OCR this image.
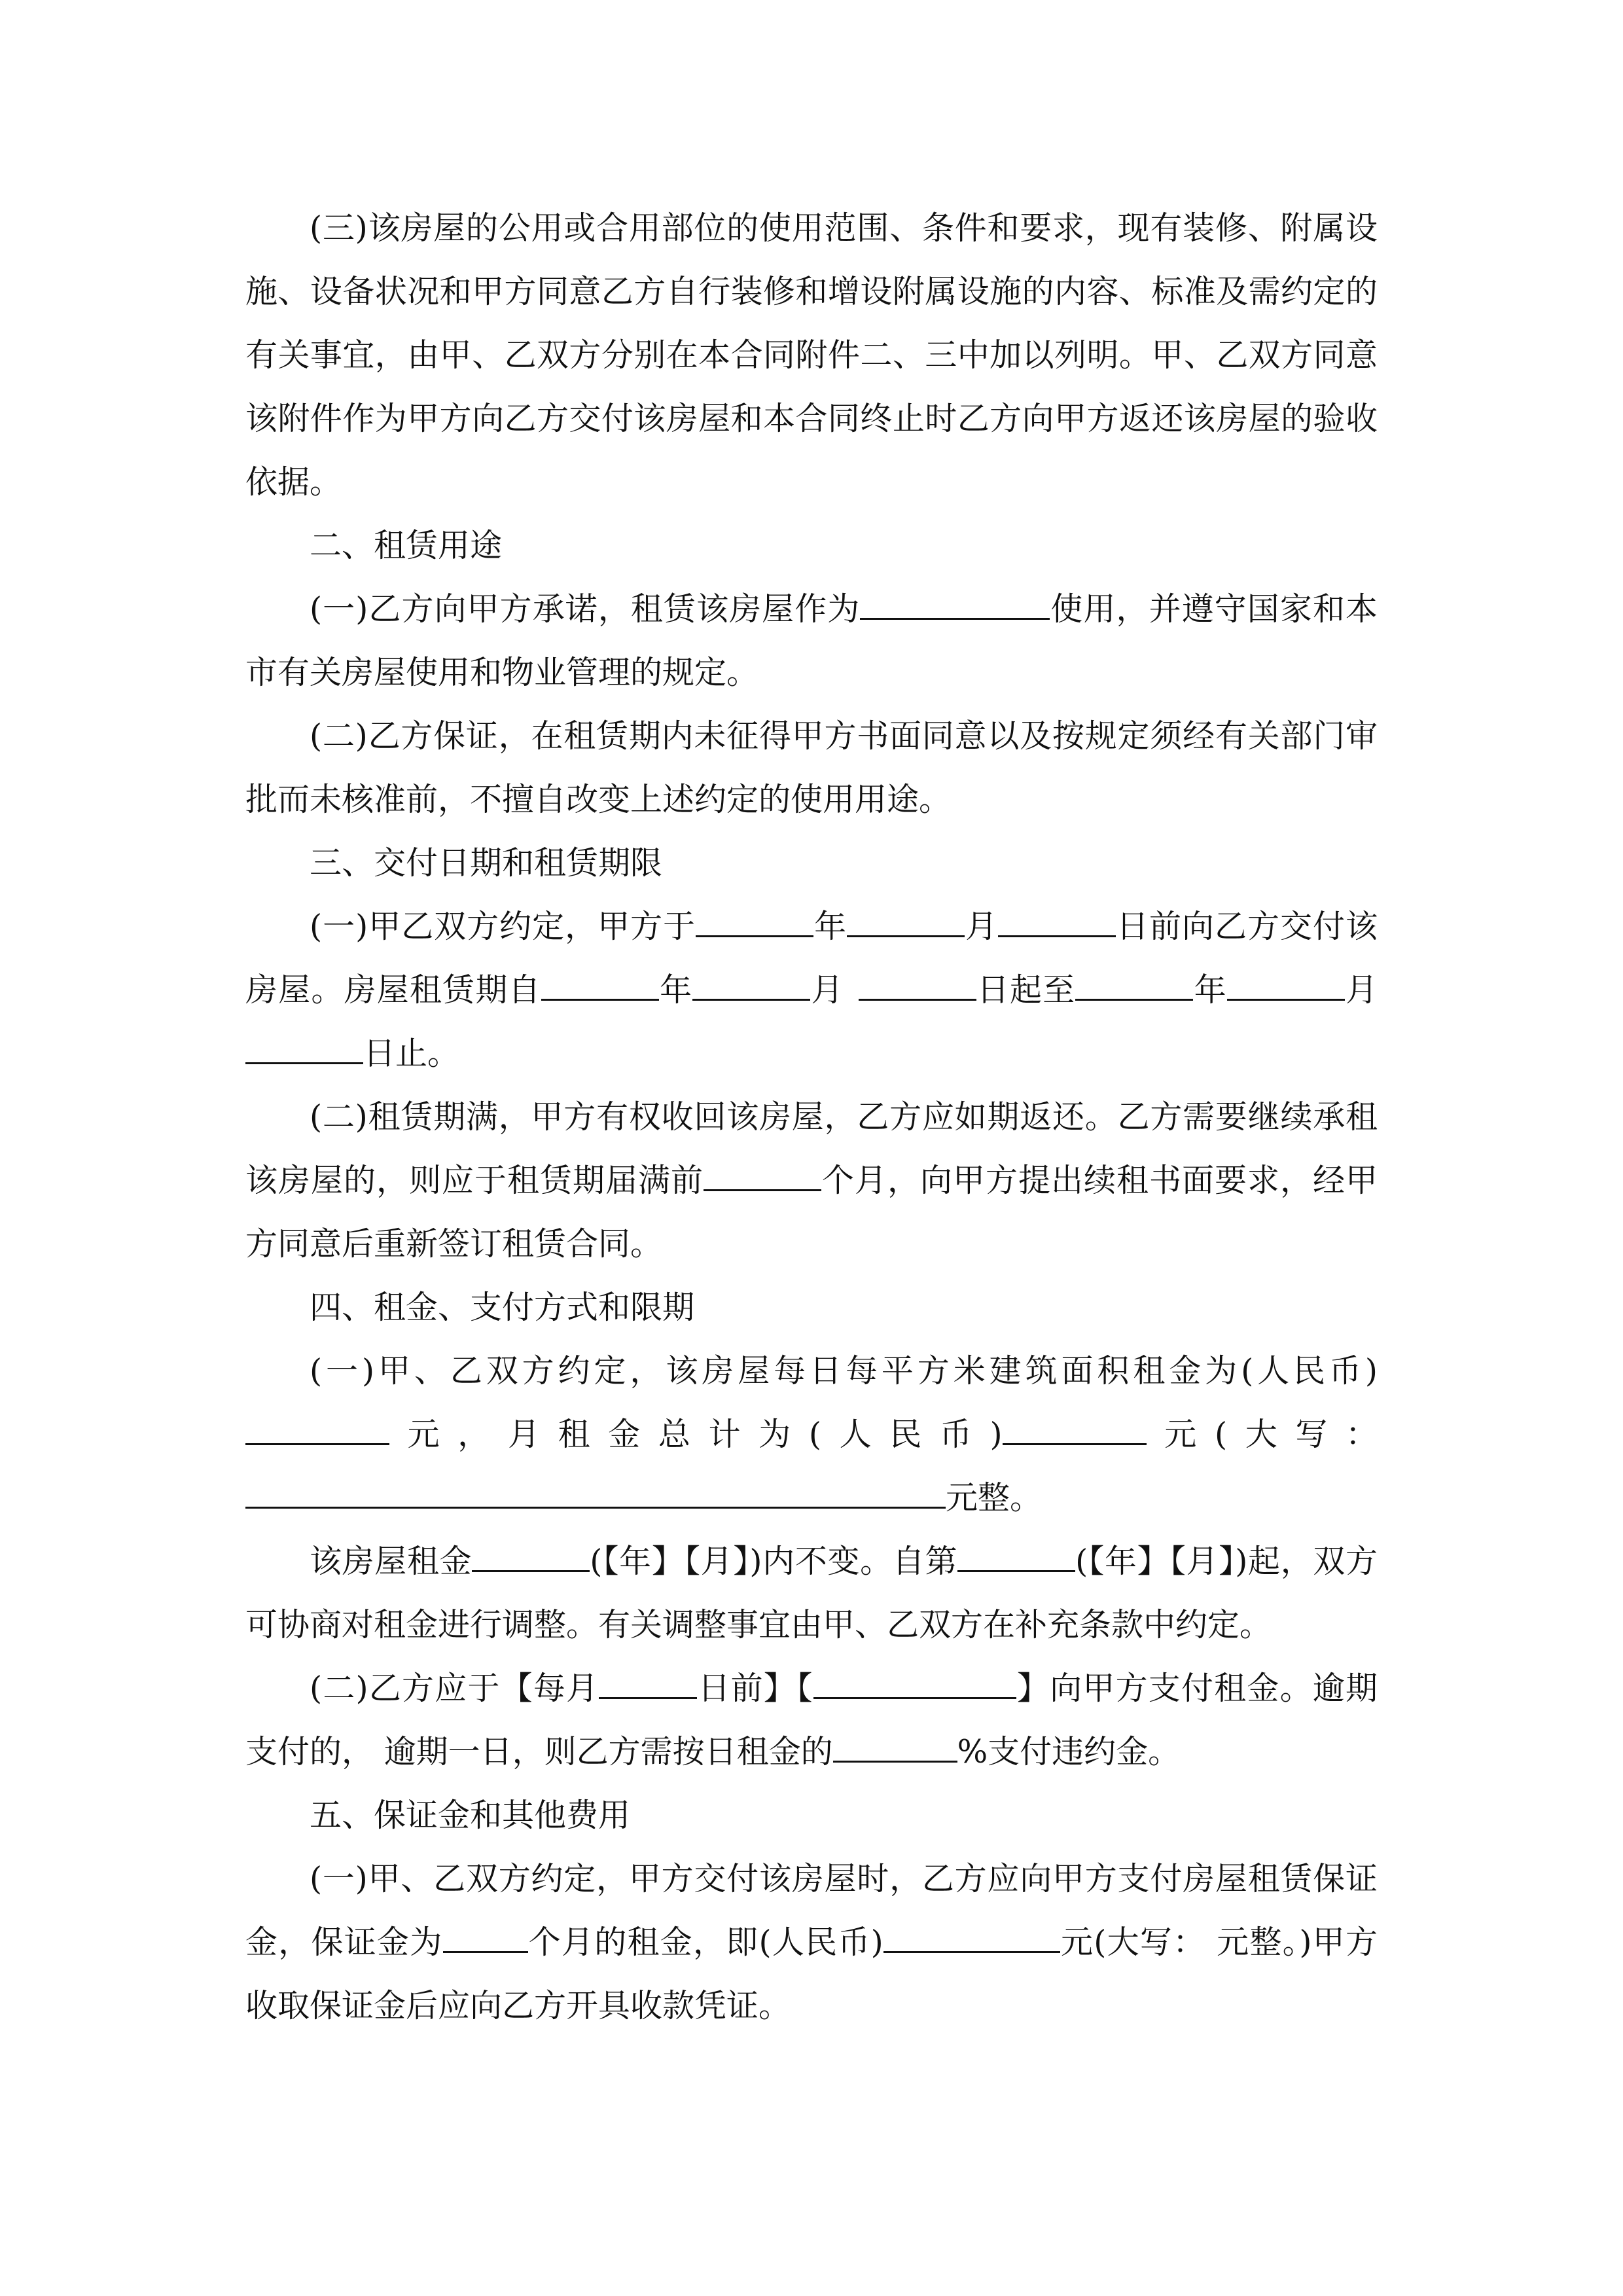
(三)该房屋的公用或合用部位的使用范围、条件和要求，现有装修、附属设施、设备状况和甲方同意乙方自行装修和增设附属设施的内容、标准及需约定的有关事宜，由甲、乙双方分别在本合同附件二、三中加以列明。甲、乙双方同意该附件作为甲方向乙方交付该房屋和本合同终止时乙方向甲方返还该房屋的验收依据。

二、租赁用途

(一)乙方向甲方承诺，租赁该房屋作为	使用，并遵守国家和本市有关房屋使用和物业管理的规定。

(二)乙方保证，在租赁期内未征得甲方书面同意以及按规定须经有关部门审批而未核准前，不擅自改变上述约定的使用用途。

三、交付日期和租赁期限

(一)甲乙双方约定，甲方于	年	月	日前向乙方交付该房屋。房屋租赁期自	年	月	日起至	年	月日止。

(二)租赁期满，甲方有权收回该房屋，乙方应如期返还。乙方需要继续承租该房屋的，则应于租赁期届满前	个月，向甲方提出续租书面要求，经甲方同意后重新签订租赁合同。

四、租金、支付方式和限期

(一)甲、乙双方约定，该房屋每日每平方米建筑面积租金为(人民币)元，月租金总计为(人民币)	元(大写：元整。

该房屋租金	(【年】【月】)内不变。自第	(【年】【月】)起，双方可协商对租金进行调整。有关调整事宜由甲、乙双方在补充条款中约定。

(二)乙方应于【每月	日前】【	】向甲方支付租金。逾期支付的， 逾期一日，则乙方需按日租金的	%支付违约金。

五、保证金和其他费用

(一)甲、乙双方约定，甲方交付该房屋时，乙方应向甲方支付房屋租赁保证金，保证金为	个月的租金，即(人民币)	元(大写： 元整。)甲方收取保证金后应向乙方开具收款凭证。
